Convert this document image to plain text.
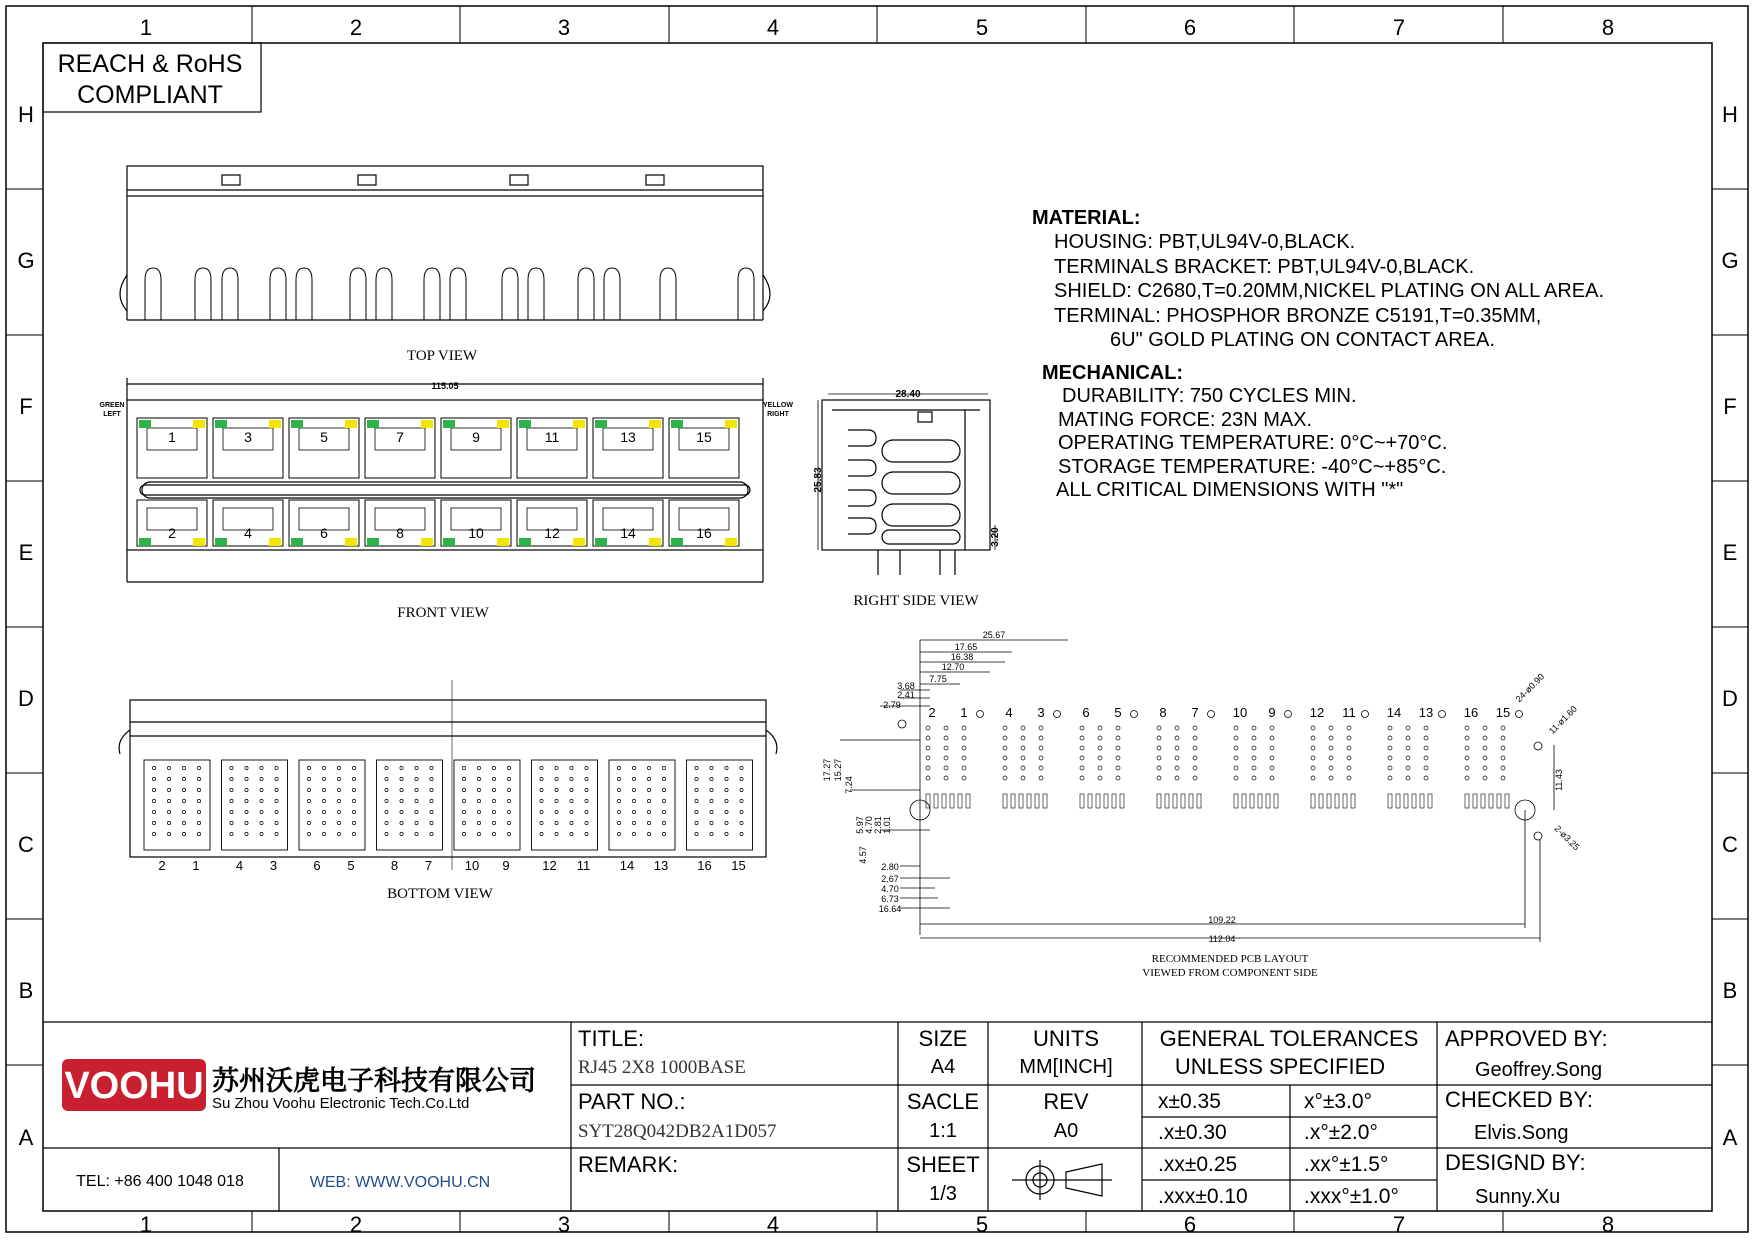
1	2	3	4	5	6	7	8
1	2	3	4	5	6	7	8
H
G
F
E
D
C
B
A
H
G
F
E
D
C
B
A
REACH & RoHS
COMPLIANT
TOP VIEW
115.05
GREEN
LEFT
YELLOW
RIGHT
1
2
3
4
5
6
7
8
9
10
11
12
13
14
15
16
FRONT VIEW
28.40
25.83
3.20
RIGHT SIDE VIEW
2 1	4 3	6 5	8 7	10 9	12 11 14 13 16 15
BOTTOM VIEW
2 1	4 3	6 5	8 7	10 9	12 11 14 13 16 15
25.67
17.65
16.38
12.70
7.75
3.68
2.41
2.79
17.27 15.27
7.24
5.97 4.70 2.81 1.01
4.57
2.80
2.67
4.70
6.73
16.64
109.22
112.04
24-ø0.90
11-ø1.60
2-ø3.25
11.43
RECOMMENDED PCB LAYOUT
VIEWED FROM COMPONENT SIDE
MATERIAL:
HOUSING: PBT,UL94V-0,BLACK.
TERMINALS BRACKET: PBT,UL94V-0,BLACK.
SHIELD: C2680,T=0.20MM,NICKEL PLATING ON ALL AREA.
TERMINAL: PHOSPHOR BRONZE C5191,T=0.35MM,
6U" GOLD PLATING ON CONTACT AREA.
MECHANICAL:
DURABILITY: 750 CYCLES MIN.
MATING FORCE: 23N MAX.
OPERATING TEMPERATURE: 0°C~+70°C.
STORAGE TEMPERATURE: -40°C~+85°C.
ALL CRITICAL DIMENSIONS WITH "*"
VOOHU 苏州沃虎电子科技有限公司
Su Zhou Voohu Electronic Tech.Co.Ltd
TEL: +86 400 1048 018	WEB: WWW.VOOHU.CN
TITLE:
RJ45 2X8 1000BASE
PART NO.:
SYT28Q042DB2A1D057
REMARK:
SIZE
A4
UNITS
MM[INCH]
SACLE
1:1
REV
A0
SHEET
1/3
GENERAL TOLERANCES
UNLESS SPECIFIED
x±0.35	x°±3.0°
.x±0.30	.x°±2.0°
.xx±0.25	.xx°±1.5°
.xxx±0.10	.xxx°±1.0°
APPROVED BY:
Geoffrey.Song
CHECKED BY:
Elvis.Song
DESIGND BY:
Sunny.Xu
